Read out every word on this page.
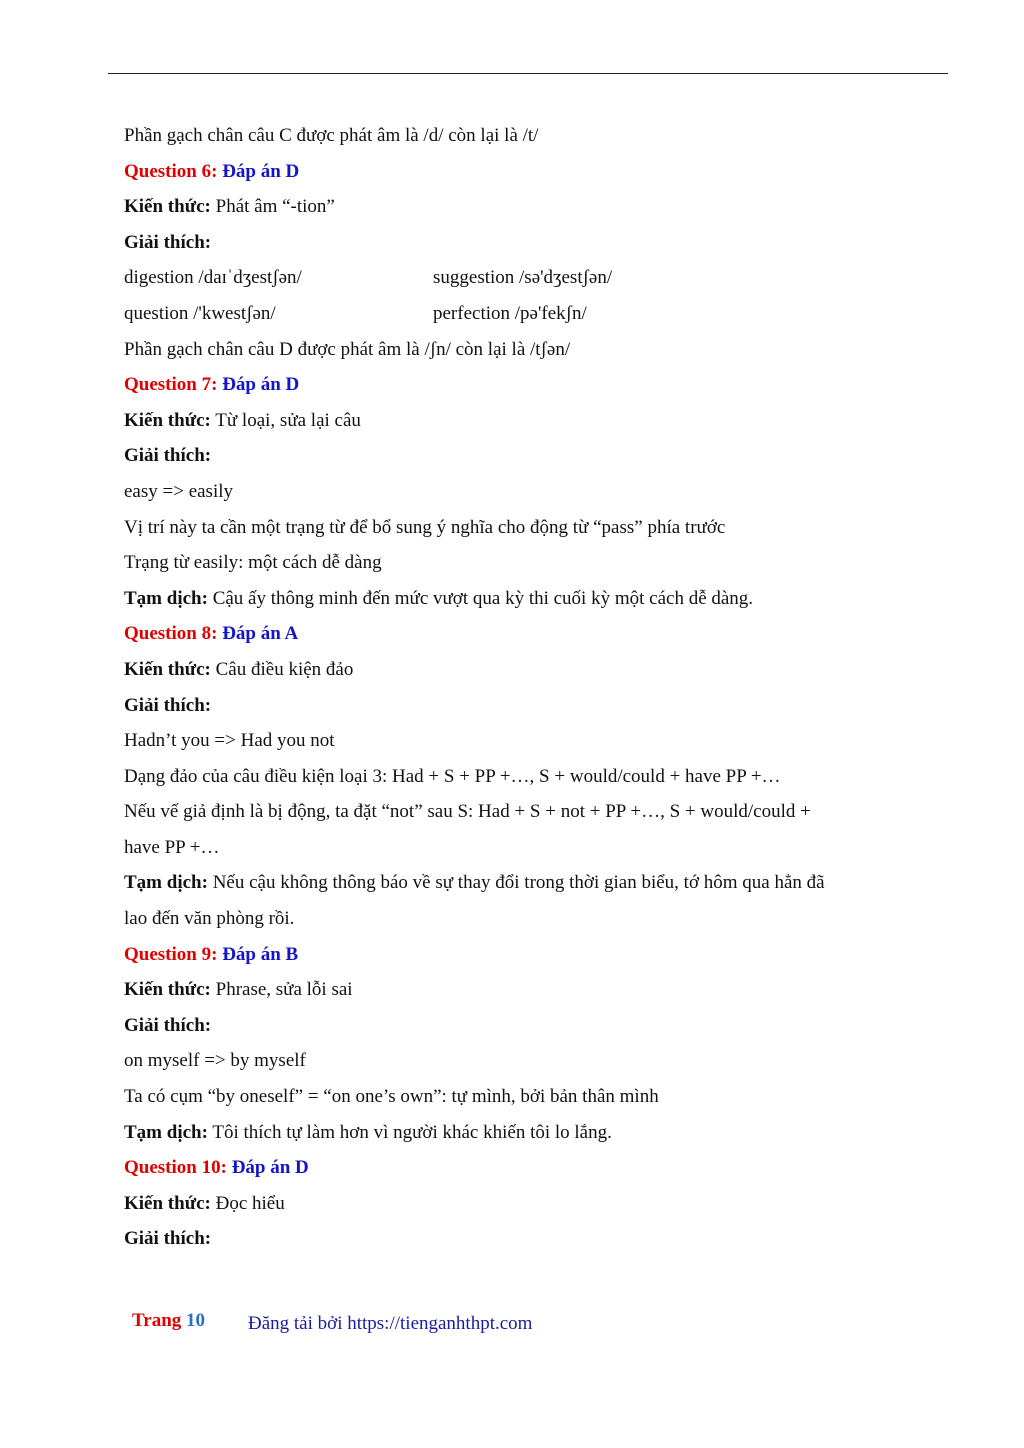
Phần gạch chân câu C được phát âm là /d/ còn lại là /t/
Question 6: Đáp án D
Kiến thức: Phát âm “-tion”
Giải thích:
digestion /daɪˈdʒestʃən/	suggestion /sə'dʒestʃən/
question /'kwestʃən/	perfection /pə'fekʃn/
Phần gạch chân câu D được phát âm là /ʃn/ còn lại là /tʃən/
Question 7: Đáp án D
Kiến thức: Từ loại, sửa lại câu
Giải thích:
easy => easily
Vị trí này ta cần một trạng từ để bổ sung ý nghĩa cho động từ “pass” phía trước
Trạng từ easily: một cách dễ dàng
Tạm dịch: Cậu ấy thông minh đến mức vượt qua kỳ thi cuối kỳ một cách dễ dàng.
Question 8: Đáp án A
Kiến thức: Câu điều kiện đảo
Giải thích:
Hadn’t you => Had you not
Dạng đảo của câu điều kiện loại 3: Had + S + PP +…, S + would/could + have PP +…
Nếu vế giả định là bị động, ta đặt “not” sau S: Had + S + not + PP +…, S + would/could +
have PP +…
Tạm dịch: Nếu cậu không thông báo về sự thay đổi trong thời gian biểu, tớ hôm qua hẳn đã
lao đến văn phòng rồi.
Question 9: Đáp án B
Kiến thức: Phrase, sửa lỗi sai
Giải thích:
on myself => by myself
Ta có cụm “by oneself” = “on one’s own”: tự mình, bởi bản thân mình
Tạm dịch: Tôi thích tự làm hơn vì người khác khiến tôi lo lắng.
Question 10: Đáp án D
Kiến thức: Đọc hiểu
Giải thích:
Trang 10 Đăng tải bởi https://tienganhthpt.com
